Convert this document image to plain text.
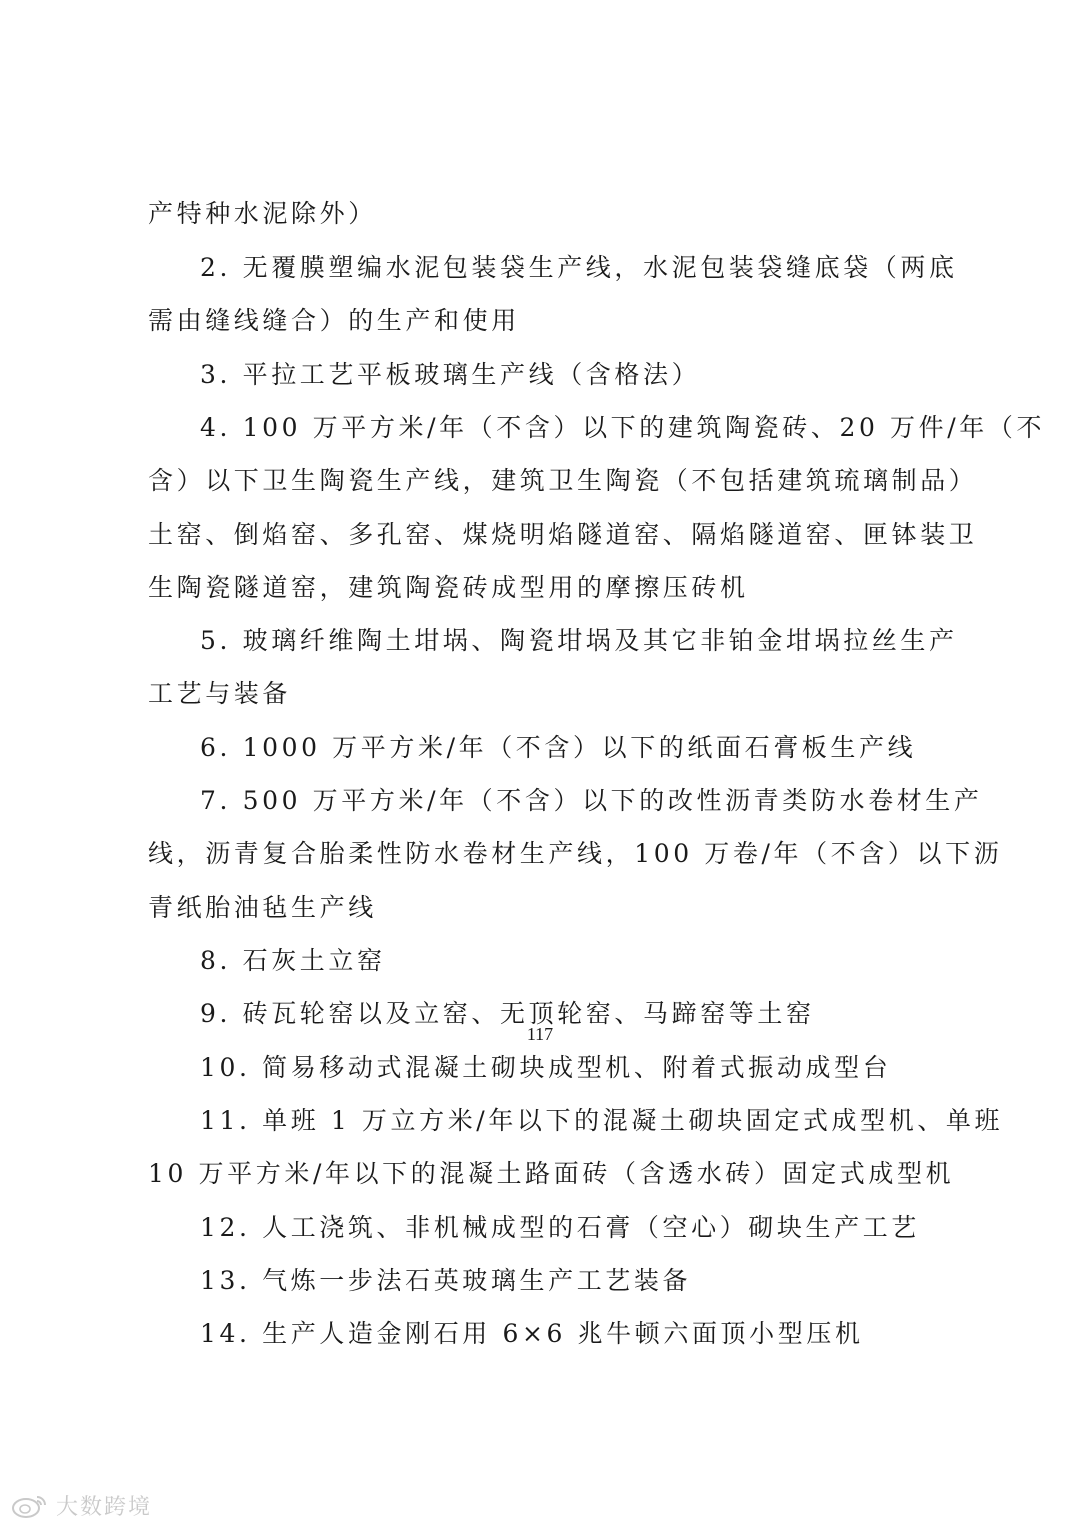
产特种水泥除外）
2. 无覆膜塑编水泥包装袋生产线，水泥包装袋缝底袋（两底
需由缝线缝合）的生产和使用
3. 平拉工艺平板玻璃生产线（含格法）
4. 100 万平方米/年（不含）以下的建筑陶瓷砖、20 万件/年（不
含）以下卫生陶瓷生产线，建筑卫生陶瓷（不包括建筑琉璃制品）
土窑、倒焰窑、多孔窑、煤烧明焰隧道窑、隔焰隧道窑、匣钵装卫
生陶瓷隧道窑，建筑陶瓷砖成型用的摩擦压砖机
5. 玻璃纤维陶土坩埚、陶瓷坩埚及其它非铂金坩埚拉丝生产
工艺与装备
6. 1000 万平方米/年（不含）以下的纸面石膏板生产线
7. 500 万平方米/年（不含）以下的改性沥青类防水卷材生产
线，沥青复合胎柔性防水卷材生产线，100 万卷/年（不含）以下沥
青纸胎油毡生产线
8. 石灰土立窑
9. 砖瓦轮窑以及立窑、无顶轮窑、马蹄窑等土窑
10. 简易移动式混凝土砌块成型机、附着式振动成型台
11. 单班 1 万立方米/年以下的混凝土砌块固定式成型机、单班
10 万平方米/年以下的混凝土路面砖（含透水砖）固定式成型机
12. 人工浇筑、非机械成型的石膏（空心）砌块生产工艺
13. 气炼一步法石英玻璃生产工艺装备
14. 生产人造金刚石用 6×6 兆牛顿六面顶小型压机
117
大数跨境
